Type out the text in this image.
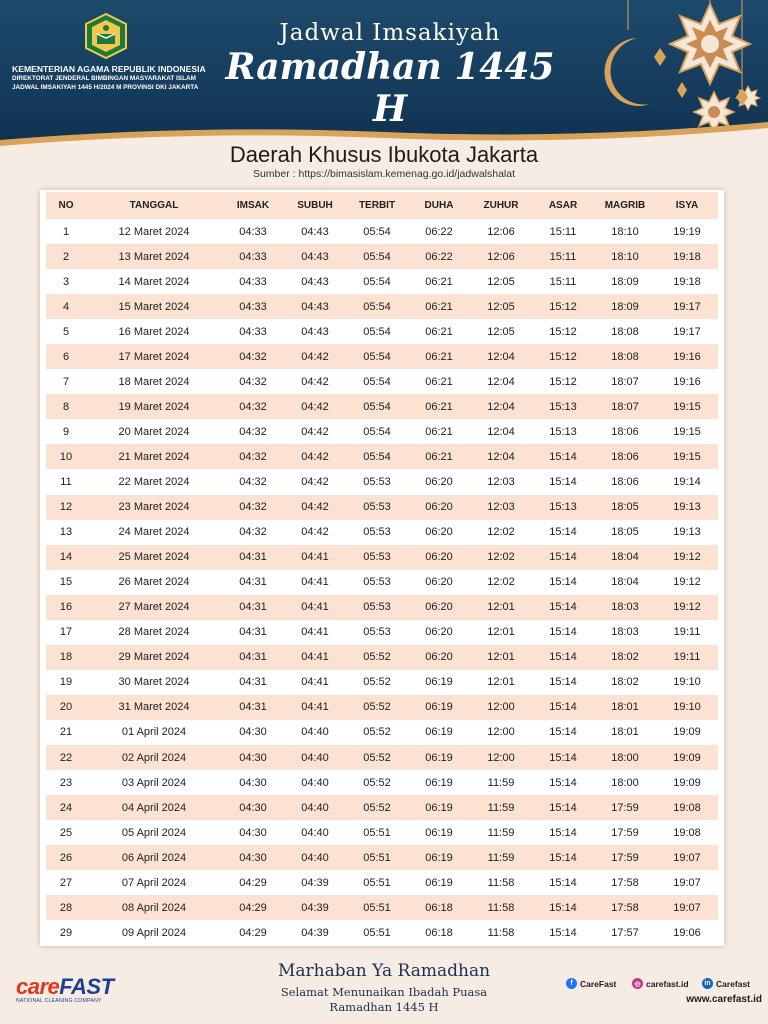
KEMENTERIAN AGAMA REPUBLIK INDONESIA
DIREKTORAT JENDERAL BIMBINGAN MASYARAKAT ISLAM
JADWAL IMSAKIYAH 1445 H/2024 M PROVINSI DKI JAKARTA
Jadwal Imsakiyah
Ramadhan 1445 H
Daerah Khusus Ibukota Jakarta
Sumber : https://bimasislam.kemenag.go.id/jadwalshalat
NO	TANGGAL	IMSAK	SUBUH	TERBIT	DUHA	ZUHUR	ASAR	MAGRIB	ISYA
1	12 Maret 2024	04:33	04:43	05:54	06:22	12:06	15:11	18:10	19:19
2	13 Maret 2024	04:33	04:43	05:54	06:22	12:06	15:11	18:10	19:18
3	14 Maret 2024	04:33	04:43	05:54	06:21	12:05	15:11	18:09	19:18
4	15 Maret 2024	04:33	04:43	05:54	06:21	12:05	15:12	18:09	19:17
5	16 Maret 2024	04:33	04:43	05:54	06:21	12:05	15:12	18:08	19:17
6	17 Maret 2024	04:32	04:42	05:54	06:21	12:04	15:12	18:08	19:16
7	18 Maret 2024	04:32	04:42	05:54	06:21	12:04	15:12	18:07	19:16
8	19 Maret 2024	04:32	04:42	05:54	06:21	12:04	15:13	18:07	19:15
9	20 Maret 2024	04:32	04:42	05:54	06:21	12:04	15:13	18:06	19:15
10	21 Maret 2024	04:32	04:42	05:54	06:21	12:04	15:14	18:06	19:15
11	22 Maret 2024	04:32	04:42	05:53	06:20	12:03	15:14	18:06	19:14
12	23 Maret 2024	04:32	04:42	05:53	06:20	12:03	15:13	18:05	19:13
13	24 Maret 2024	04:32	04:42	05:53	06:20	12:02	15:14	18:05	19:13
14	25 Maret 2024	04:31	04:41	05:53	06:20	12:02	15:14	18:04	19:12
15	26 Maret 2024	04:31	04:41	05:53	06:20	12:02	15:14	18:04	19:12
16	27 Maret 2024	04:31	04:41	05:53	06:20	12:01	15:14	18:03	19:12
17	28 Maret 2024	04:31	04:41	05:53	06:20	12:01	15:14	18:03	19:11
18	29 Maret 2024	04:31	04:41	05:52	06:20	12:01	15:14	18:02	19:11
19	30 Maret 2024	04:31	04:41	05:52	06:19	12:01	15:14	18:02	19:10
20	31 Maret 2024	04:31	04:41	05:52	06:19	12:00	15:14	18:01	19:10
21	01 April 2024	04:30	04:40	05:52	06:19	12:00	15:14	18:01	19:09
22	02 April 2024	04:30	04:40	05:52	06:19	12:00	15:14	18:00	19:09
23	03 April 2024	04:30	04:40	05:52	06:19	11:59	15:14	18:00	19:09
24	04 April 2024	04:30	04:40	05:52	06:19	11:59	15:14	17:59	19:08
25	05 April 2024	04:30	04:40	05:51	06:19	11:59	15:14	17:59	19:08
26	06 April 2024	04:30	04:40	05:51	06:19	11:59	15:14	17:59	19:07
27	07 April 2024	04:29	04:39	05:51	06:19	11:58	15:14	17:58	19:07
28	08 April 2024	04:29	04:39	05:51	06:18	11:58	15:14	17:58	19:07
29	09 April 2024	04:29	04:39	05:51	06:18	11:58	15:14	17:57	19:06
careFAST
NATIONAL CLEANING COMPANY
Marhaban Ya Ramadhan
Selamat Menunaikan Ibadah Puasa
Ramadhan 1445 H
f CareFast	◎ carefast.id	in Carefast
www.carefast.id
